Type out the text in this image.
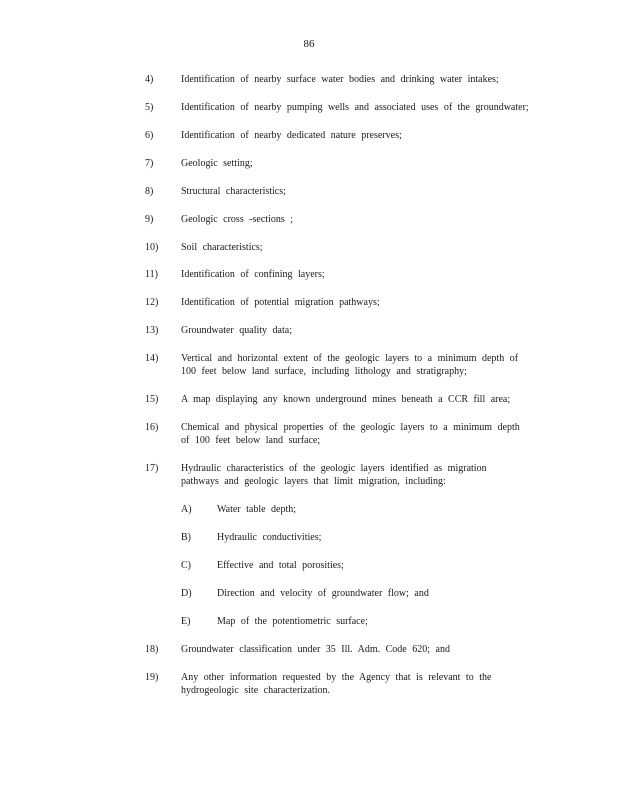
86
4)	Identification of nearby surface water bodies and drinking water intakes;
5)	Identification of nearby pumping wells and associated uses of the groundwater;
6)	Identification of nearby dedicated nature preserves;
7)	Geologic setting;
8)	Structural characteristics;
9)	Geologic cross -sections ;
10) Soil characteristics;
11) Identification of confining layers;
12) Identification of potential migration pathways;
13) Groundwater quality data;
14) Vertical and horizontal extent of the geologic layers to a minimum depth of 100 feet below land surface, including lithology and stratigraphy;
15) A map displaying any known underground mines beneath a CCR fill area;
16) Chemical and physical properties of the geologic layers to a minimum depth of 100 feet below land surface;
17) Hydraulic characteristics of the geologic layers identified as migration pathways and geologic layers that limit migration, including:
A)	Water table depth;
B)	Hydraulic conductivities;
C)	Effective and total porosities;
D)	Direction and velocity of groundwater flow; and
E)	Map of the potentiometric surface;
18) Groundwater classification under 35 Ill. Adm. Code 620; and
19) Any other information requested by the Agency that is relevant to the hydrogeologic site characterization.
